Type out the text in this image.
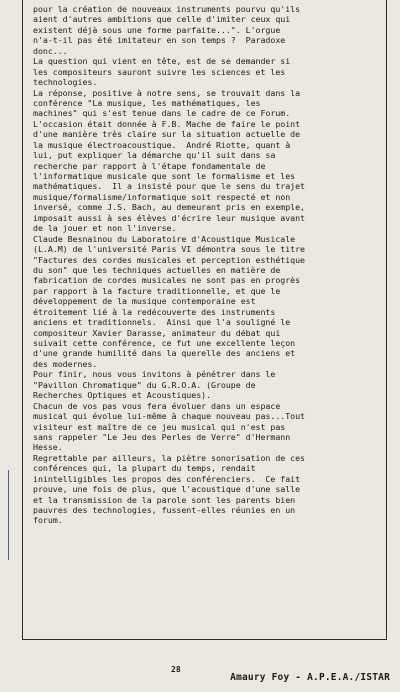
pour la création de nouveaux instruments pourvu qu'ils
aient d'autres ambitions que celle d'imiter ceux qui
existent déjà sous une forme parfaite...". L'orgue
n'a-t-il pas été imitateur en son temps ?  Paradoxe
donc...
La question qui vient en tête, est de se demander si
les compositeurs sauront suivre les sciences et les
technologies.
La réponse, positive à notre sens, se trouvait dans la
conférence "La musique, les mathématiques, les
machines" qui s'est tenue dans le cadre de ce Forum.
L'occasion était donnée à F.B. Mache de faire le point
d'une manière très claire sur la situation actuelle de
la musique électroacoustique.  André Riotte, quant à
lui, put expliquer la démarche qu'il suit dans sa
recherche par rapport à l'étape fondamentale de
l'informatique musicale que sont le formalisme et les
mathématiques.  Il a insisté pour que le sens du trajet
musique/formalisme/informatique soit respecté et non
inversé, comme J.S. Bach, au demeurant pris en exemple,
imposait aussi à ses élèves d'écrire leur musique avant
de la jouer et non l'inverse.
Claude Besnainou du Laboratoire d'Acoustique Musicale
(L.A.M) de l'université Paris VI démontra sous le titre
"Factures des cordes musicales et perception esthétique
du son" que les techniques actuelles en matière de
fabrication de cordes musicales ne sont pas en progrès
par rapport à la facture traditionnelle, et que le
développement de la musique contemporaine est
étroitement lié à la redécouverte des instruments
anciens et traditionnels.  Ainsi que l'a souligné le
compositeur Xavier Darasse, animateur du débat qui
suivait cette conférence, ce fut une excellente leçon
d'une grande humilité dans la querelle des anciens et
des modernes.
Pour finir, nous vous invitons à pénétrer dans le
"Pavillon Chromatique" du G.R.O.A. (Groupe de
Recherches Optiques et Acoustiques).
Chacun de vos pas vous fera évoluer dans un espace
musical qui évolue lui-même à chaque nouveau pas...Tout
visiteur est maître de ce jeu musical qui n'est pas
sans rappeler "Le Jeu des Perles de Verre" d'Hermann
Hesse.
Regrettable par ailleurs, la piètre sonorisation de ces
conférences qui, la plupart du temps, rendait
inintelligibles les propos des conférenciers.  Ce fait
prouve, une fois de plus, que l'acoustique d'une salle
et la transmission de la parole sont les parents bien
pauvres des technologies, fussent-elles réunies en un
forum.
28
Amaury Foy - A.P.E.A./ISTAR
